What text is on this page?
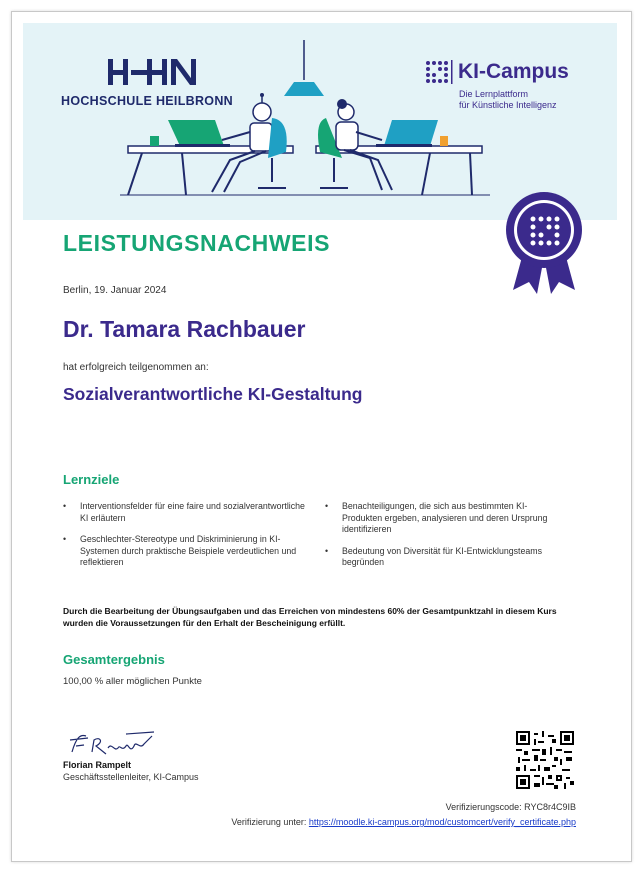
HOCHSCHULE HEILBRONN
KI-Campus
Die Lernplattform
für Künstliche Intelligenz
LEISTUNGSNACHWEIS
Berlin, 19. Januar 2024
Dr. Tamara Rachbauer
hat erfolgreich teilgenommen an:
Sozialverantwortliche KI-Gestaltung
Lernziele
• Interventionsfelder für eine faire und sozialverantwortliche KI erläutern
• Geschlechter-Stereotype und Diskriminierung in KI-Systemen durch praktische Beispiele verdeutlichen und reflektieren
• Benachteiligungen, die sich aus bestimmten KI-Produkten ergeben, analysieren und deren Ursprung identifizieren
• Bedeutung von Diversität für KI-Entwicklungsteams begründen
Durch die Bearbeitung der Übungsaufgaben und das Erreichen von mindestens 60% der Gesamtpunktzahl in diesem Kurs wurden die Voraussetzungen für den Erhalt der Bescheinigung erfüllt.
Gesamtergebnis
100,00 % aller möglichen Punkte
Florian Rampelt
Geschäftsstellenleiter, KI-Campus
Verifizierungscode: RYC8r4C9IB
Verifizierung unter: https://moodle.ki-campus.org/mod/customcert/verify_certificate.php
